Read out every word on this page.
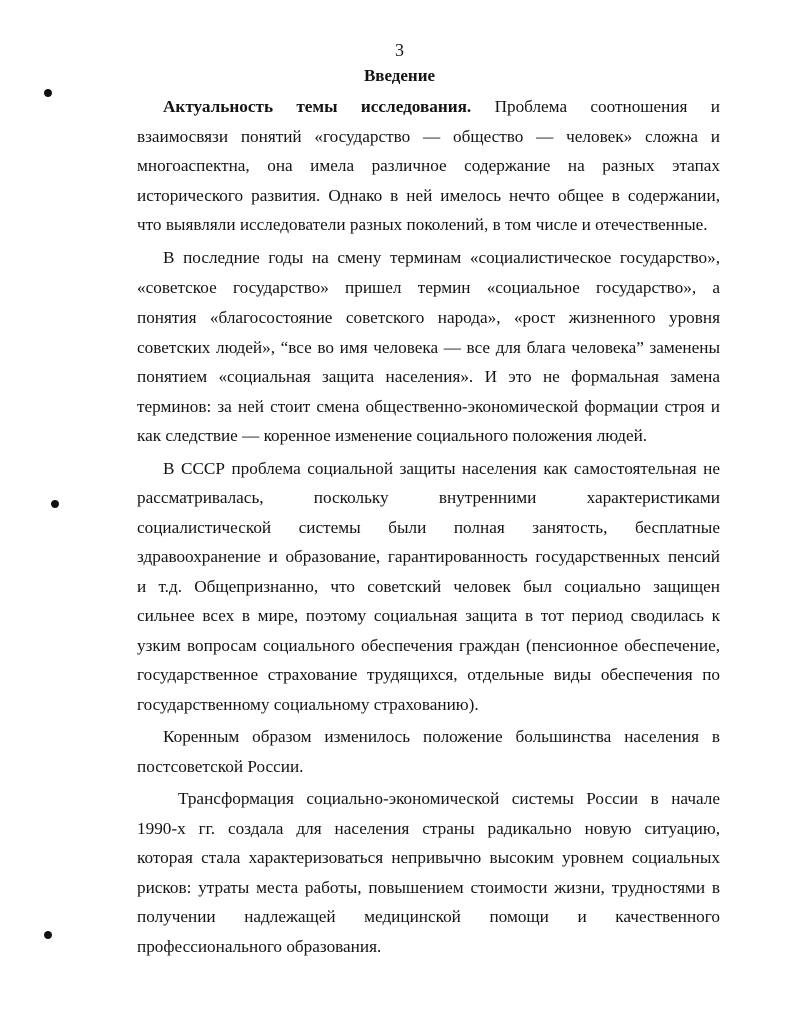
3
Введение
Актуальность темы исследования. Проблема соотношения и
взаимосвязи понятий «государство — общество — человек» сложна и
многоаспектна, она имела различное содержание на разных этапах
исторического развития. Однако в ней имелось нечто общее в содержании,
что выявляли исследователи разных поколений, в том числе и отечественные.
В последние годы на смену терминам «социалистическое государство»,
«советское государство» пришел термин «социальное государство», а
понятия «благосостояние советского народа», «рост жизненного уровня
советских людей», “все во имя человека — все для блага человека” заменены
понятием «социальная защита населения». И это не формальная замена
терминов: за ней стоит смена общественно-экономической формации строя и
как следствие — коренное изменение социального положения людей.
В СССР проблема социальной защиты населения как самостоятельная не
рассматривалась, поскольку внутренними характеристиками
социалистической системы были полная занятость, бесплатные
здравоохранение и образование, гарантированность государственных пенсий
и т.д. Общепризнанно, что советский человек был социально защищен
сильнее всех в мире, поэтому социальная защита в тот период сводилась к
узким вопросам социального обеспечения граждан (пенсионное обеспечение,
государственное страхование трудящихся, отдельные виды обеспечения по
государственному социальному страхованию).
Коренным образом изменилось положение большинства населения в
постсоветской России.
Трансформация социально-экономической системы России в начале
1990-х гг. создала для населения страны радикально новую ситуацию,
которая стала характеризоваться непривычно высоким уровнем социальных
рисков: утраты места работы, повышением стоимости жизни, трудностями в
получении надлежащей медицинской помощи и качественного
профессионального образования.
